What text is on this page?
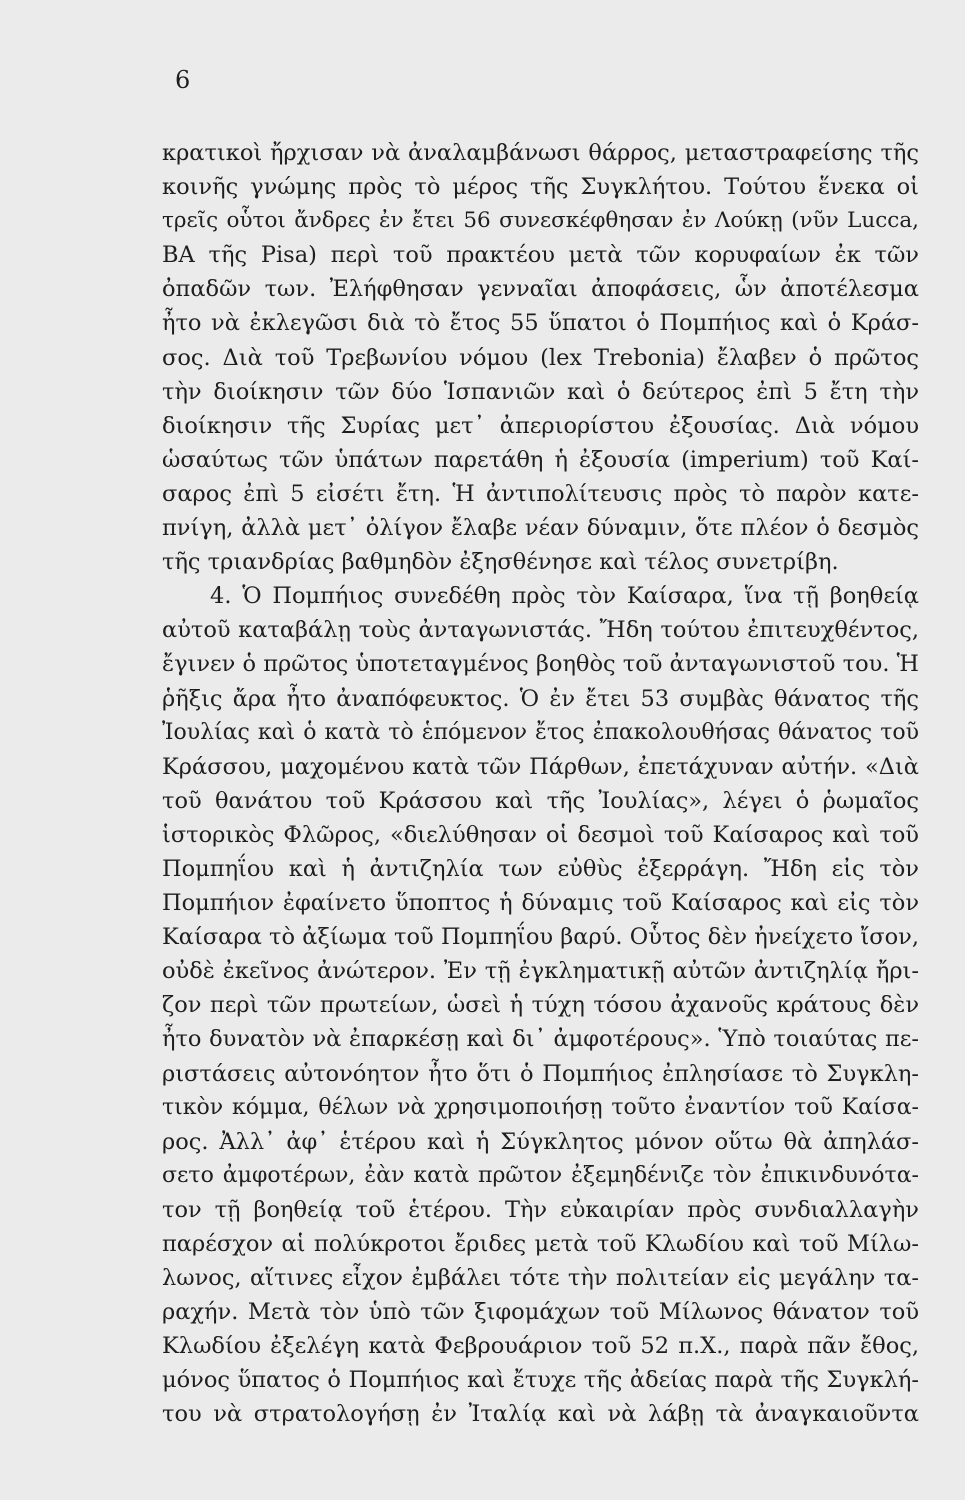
6
κρατικοὶ ἤρχισαν νὰ ἀναλαμβάνωσι θάρρος, μεταστραφείσης τῆς
κοινῆς γνώμης πρὸς τὸ μέρος τῆς Συγκλήτου. Τούτου ἕνεκα οἱ
τρεῖς οὗτοι ἄνδρες ἐν ἔτει 56 συνεσκέφθησαν ἐν Λούκῃ (νῦν Lucca,
ΒΑ τῆς Pisa) περὶ τοῦ πρακτέου μετὰ τῶν κορυφαίων ἐκ τῶν
ὀπαδῶν των. Ἐλήφθησαν γενναῖαι ἀποφάσεις, ὧν ἀποτέλεσμα
ἦτο νὰ ἐκλεγῶσι διὰ τὸ ἔτος 55 ὕπατοι ὁ Πομπήιος καὶ ὁ Κράσ-
σος. Διὰ τοῦ Τρεβωνίου νόμου (lex Trebonia) ἔλαβεν ὁ πρῶτος
τὴν διοίκησιν τῶν δύο Ἱσπανιῶν καὶ ὁ δεύτερος ἐπὶ 5 ἔτη τὴν
διοίκησιν τῆς Συρίας μετ᾽ ἀπεριορίστου ἐξουσίας. Διὰ νόμου
ὡσαύτως τῶν ὑπάτων παρετάθη ἡ ἐξουσία (imperium) τοῦ Καί-
σαρος ἐπὶ 5 εἰσέτι ἔτη. Ἡ ἀντιπολίτευσις πρὸς τὸ παρὸν κατε-
πνίγη, ἀλλὰ μετ᾽ ὀλίγον ἔλαβε νέαν δύναμιν, ὅτε πλέον ὁ δεσμὸς
τῆς τριανδρίας βαθμηδὸν ἐξησθένησε καὶ τέλος συνετρίβη.
4. Ὁ Πομπήιος συνεδέθη πρὸς τὸν Καίσαρα, ἵνα τῇ βοηθείᾳ
αὐτοῦ καταβάλῃ τοὺς ἀνταγωνιστάς. Ἤδη τούτου ἐπιτευχθέντος,
ἔγινεν ὁ πρῶτος ὑποτεταγμένος βοηθὸς τοῦ ἀνταγωνιστοῦ του. Ἡ
ῥῆξις ἄρα ἦτο ἀναπόφευκτος. Ὁ ἐν ἔτει 53 συμβὰς θάνατος τῆς
Ἰουλίας καὶ ὁ κατὰ τὸ ἑπόμενον ἔτος ἐπακολουθήσας θάνατος τοῦ
Κράσσου, μαχομένου κατὰ τῶν Πάρθων, ἐπετάχυναν αὐτήν. «Διὰ
τοῦ θανάτου τοῦ Κράσσου καὶ τῆς Ἰουλίας», λέγει ὁ ῥωμαῖος
ἱστορικὸς Φλῶρος, «διελύθησαν οἱ δεσμοὶ τοῦ Καίσαρος καὶ τοῦ
Πομπηΐου καὶ ἡ ἀντιζηλία των εὐθὺς ἐξερράγη. Ἤδη εἰς τὸν
Πομπήιον ἐφαίνετο ὕποπτος ἡ δύναμις τοῦ Καίσαρος καὶ εἰς τὸν
Καίσαρα τὸ ἀξίωμα τοῦ Πομπηΐου βαρύ. Οὗτος δὲν ἠνείχετο ἴσον,
οὐδὲ ἐκεῖνος ἀνώτερον. Ἐν τῇ ἐγκληματικῇ αὐτῶν ἀντιζηλίᾳ ἤρι-
ζον περὶ τῶν πρωτείων, ὡσεὶ ἡ τύχη τόσου ἀχανοῦς κράτους δὲν
ἦτο δυνατὸν νὰ ἐπαρκέσῃ καὶ δι᾽ ἀμφοτέρους». Ὑπὸ τοιαύτας πε-
ριστάσεις αὐτονόητον ἦτο ὅτι ὁ Πομπήιος ἐπλησίασε τὸ Συγκλη-
τικὸν κόμμα, θέλων νὰ χρησιμοποιήσῃ τοῦτο ἐναντίον τοῦ Καίσα-
ρος. Ἀλλ᾽ ἀφ᾽ ἑτέρου καὶ ἡ Σύγκλητος μόνον οὕτω θὰ ἀπηλάσ-
σετο ἀμφοτέρων, ἐὰν κατὰ πρῶτον ἐξεμηδένιζε τὸν ἐπικινδυνότα-
τον τῇ βοηθείᾳ τοῦ ἑτέρου. Τὴν εὐκαιρίαν πρὸς συνδιαλλαγὴν
παρέσχον αἱ πολύκροτοι ἔριδες μετὰ τοῦ Κλωδίου καὶ τοῦ Μίλω-
λωνος, αἵτινες εἶχον ἐμβάλει τότε τὴν πολιτείαν εἰς μεγάλην τα-
ραχήν. Μετὰ τὸν ὑπὸ τῶν ξιφομάχων τοῦ Μίλωνος θάνατον τοῦ
Κλωδίου ἐξελέγη κατὰ Φεβρουάριον τοῦ 52 π.Χ., παρὰ πᾶν ἔθος,
μόνος ὕπατος ὁ Πομπήιος καὶ ἔτυχε τῆς ἀδείας παρὰ τῆς Συγκλή-
του νὰ στρατολογήσῃ ἐν Ἰταλίᾳ καὶ νὰ λάβῃ τὰ ἀναγκαιοῦντα
